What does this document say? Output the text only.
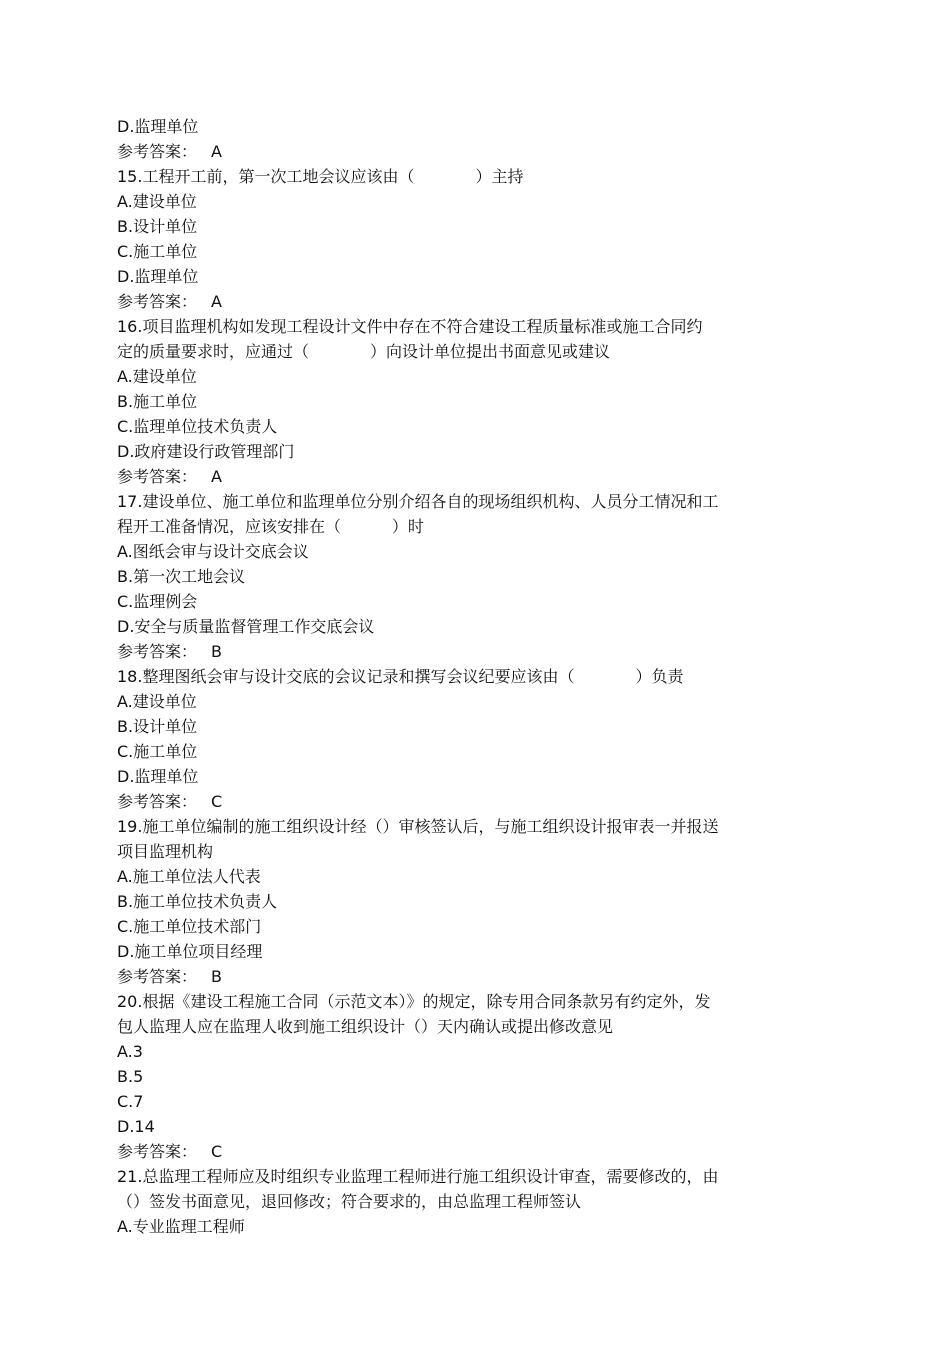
D.监理单位
参考答案： A
15.工程开工前，第一次工地会议应该由（            ）主持
A.建设单位
B.设计单位
C.施工单位
D.监理单位
参考答案： A
16.项目监理机构如发现工程设计文件中存在不符合建设工程质量标准或施工合同约
定的质量要求时，应通过（            ）向设计单位提出书面意见或建议
A.建设单位
B.施工单位
C.监理单位技术负责人
D.政府建设行政管理部门
参考答案： A
17.建设单位、施工单位和监理单位分别介绍各自的现场组织机构、人员分工情况和工
程开工准备情况，应该安排在（          ）时
A.图纸会审与设计交底会议
B.第一次工地会议
C.监理例会
D.安全与质量监督管理工作交底会议
参考答案： B
18.整理图纸会审与设计交底的会议记录和撰写会议纪要应该由（            ）负责
A.建设单位
B.设计单位
C.施工单位
D.监理单位
参考答案： C
19.施工单位编制的施工组织设计经（）审核签认后，与施工组织设计报审表一并报送
项目监理机构
A.施工单位法人代表
B.施工单位技术负责人
C.施工单位技术部门
D.施工单位项目经理
参考答案： B
20.根据《建设工程施工合同（示范文本）》的规定，除专用合同条款另有约定外，发
包人监理人应在监理人收到施工组织设计（）天内确认或提出修改意见
A.3
B.5
C.7
D.14
参考答案： C
21.总监理工程师应及时组织专业监理工程师进行施工组织设计审查，需要修改的，由
（）签发书面意见，退回修改；符合要求的，由总监理工程师签认
A.专业监理工程师
